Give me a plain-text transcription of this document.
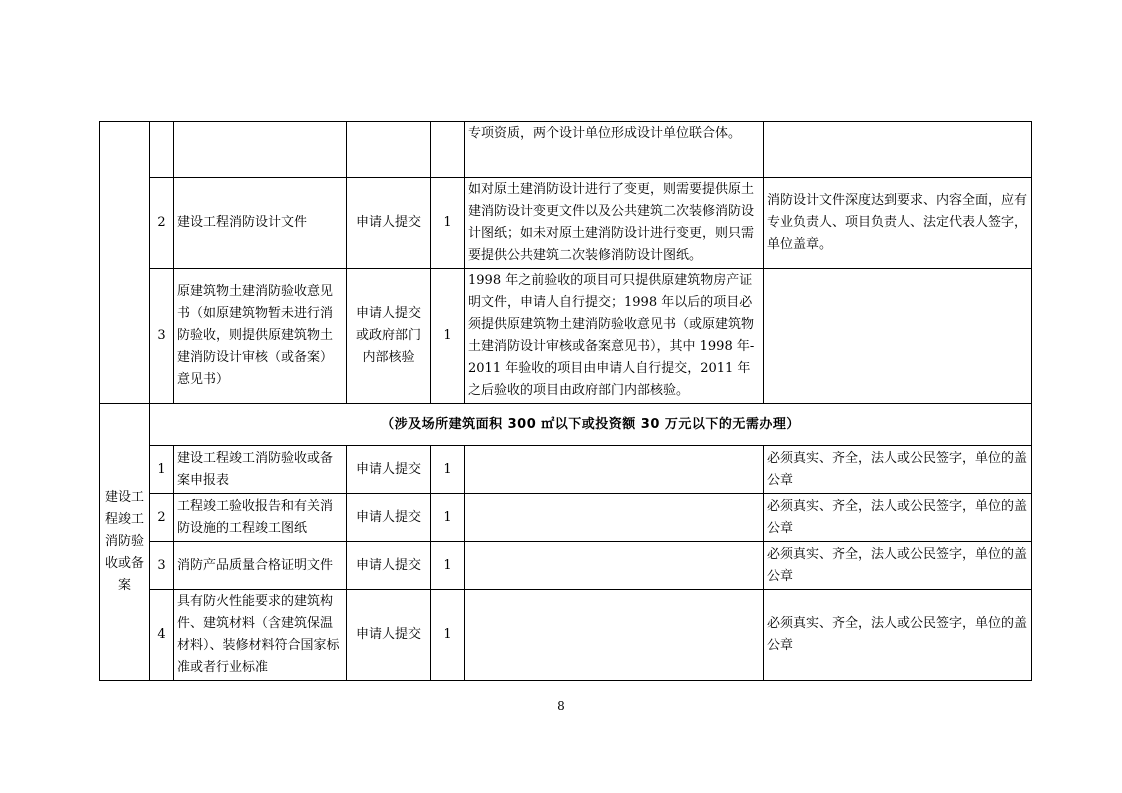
					专项资质，两个设计单位形成设计单位联合体。	
	2	建设工程消防设计文件	申请人提交	1	如对原土建消防设计进行了变更，则需要提供原土建消防设计变更文件以及公共建筑二次装修消防设计图纸；如未对原土建消防设计进行变更，则只需要提供公共建筑二次装修消防设计图纸。	消防设计文件深度达到要求、内容全面，应有专业负责人、项目负责人、法定代表人签字，单位盖章。
	3	原建筑物土建消防验收意见书（如原建筑物暂未进行消防验收，则提供原建筑物土建消防设计审核（或备案）意见书）	申请人提交或政府部门内部核验	1	1998 年之前验收的项目可只提供原建筑物房产证明文件，申请人自行提交；1998 年以后的项目必须提供原建筑物土建消防验收意见书（或原建筑物土建消防设计审核或备案意见书），其中 1998 年-2011 年验收的项目由申请人自行提交，2011 年之后验收的项目由政府部门内部核验。	
建设工程竣工消防验收或备案	（涉及场所建筑面积 300 ㎡以下或投资额 30 万元以下的无需办理）					
	1	建设工程竣工消防验收或备案申报表	申请人提交	1		必须真实、齐全，法人或公民签字，单位的盖公章
	2	工程竣工验收报告和有关消防设施的工程竣工图纸	申请人提交	1		必须真实、齐全，法人或公民签字，单位的盖公章
	3	消防产品质量合格证明文件	申请人提交	1		必须真实、齐全，法人或公民签字，单位的盖公章
	4	具有防火性能要求的建筑构件、建筑材料（含建筑保温材料）、装修材料符合国家标准或者行业标准	申请人提交	1		必须真实、齐全，法人或公民签字，单位的盖公章
8
